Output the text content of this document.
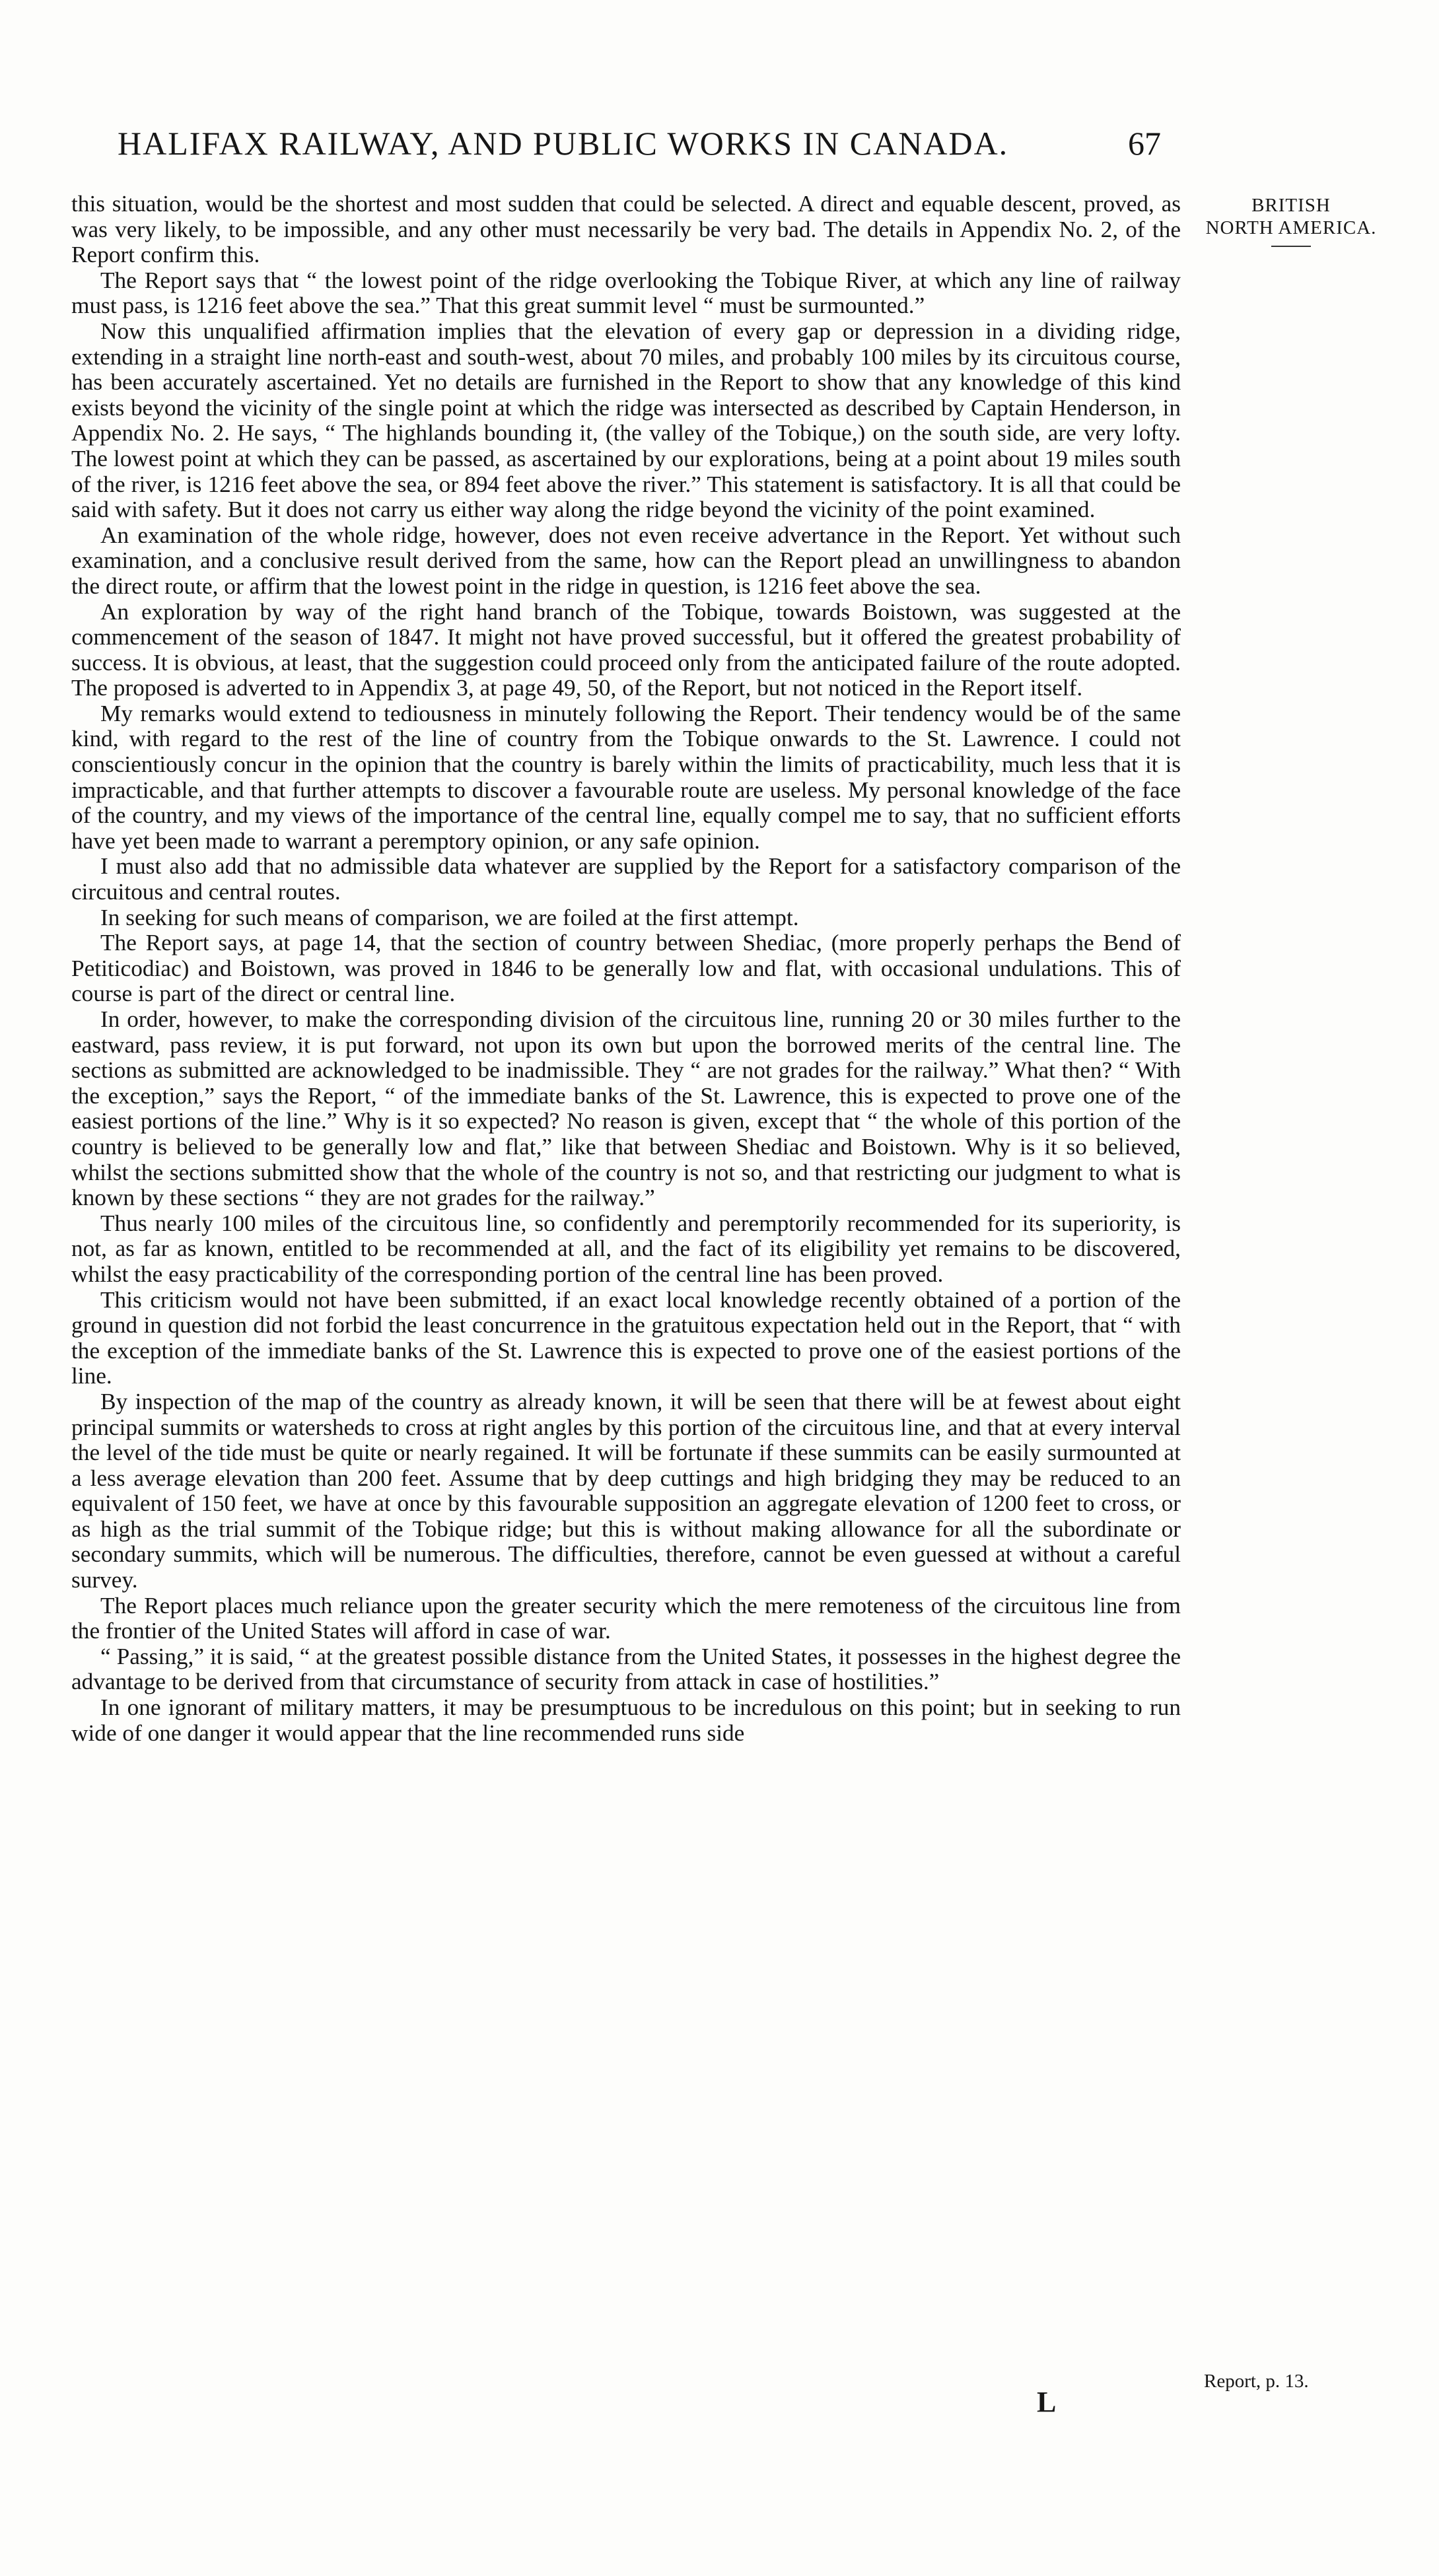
HALIFAX RAILWAY, AND PUBLIC WORKS IN CANADA.	67
BRITISH
NORTH AMERICA.

this situation, would be the shortest and most sudden that could be selected. A direct and equable descent, proved, as was very likely, to be impossible, and any other must necessarily be very bad. The details in Appendix No. 2, of the Report confirm this.

The Report says that “ the lowest point of the ridge overlooking the Tobique River, at which any line of railway must pass, is 1216 feet above the sea.” That this great summit level “ must be surmounted.”

Now this unqualified affirmation implies that the elevation of every gap or depression in a dividing ridge, extending in a straight line north-east and south-west, about 70 miles, and probably 100 miles by its circuitous course, has been accurately ascertained. Yet no details are furnished in the Report to show that any knowledge of this kind exists beyond the vicinity of the single point at which the ridge was intersected as described by Captain Henderson, in Appendix No. 2. He says, “ The highlands bounding it, (the valley of the Tobique,) on the south side, are very lofty. The lowest point at which they can be passed, as ascertained by our explorations, being at a point about 19 miles south of the river, is 1216 feet above the sea, or 894 feet above the river.” This statement is satisfactory. It is all that could be said with safety. But it does not carry us either way along the ridge beyond the vicinity of the point examined.

An examination of the whole ridge, however, does not even receive advertance in the Report. Yet without such examination, and a conclusive result derived from the same, how can the Report plead an unwillingness to abandon the direct route, or affirm that the lowest point in the ridge in question, is 1216 feet above the sea.

An exploration by way of the right hand branch of the Tobique, towards Boistown, was suggested at the commencement of the season of 1847. It might not have proved successful, but it offered the greatest probability of success. It is obvious, at least, that the suggestion could proceed only from the anticipated failure of the route adopted. The proposed is adverted to in Appendix 3, at page 49, 50, of the Report, but not noticed in the Report itself.

My remarks would extend to tediousness in minutely following the Report. Their tendency would be of the same kind, with regard to the rest of the line of country from the Tobique onwards to the St. Lawrence. I could not conscientiously concur in the opinion that the country is barely within the limits of practicability, much less that it is impracticable, and that further attempts to discover a favourable route are useless. My personal knowledge of the face of the country, and my views of the importance of the central line, equally compel me to say, that no sufficient efforts have yet been made to warrant a peremptory opinion, or any safe opinion.

I must also add that no admissible data whatever are supplied by the Report for a satisfactory comparison of the circuitous and central routes.

In seeking for such means of comparison, we are foiled at the first attempt.

The Report says, at page 14, that the section of country between Shediac, (more properly perhaps the Bend of Petiticodiac) and Boistown, was proved in 1846 to be generally low and flat, with occasional undulations. This of course is part of the direct or central line.

In order, however, to make the corresponding division of the circuitous line, running 20 or 30 miles further to the eastward, pass review, it is put forward, not upon its own but upon the borrowed merits of the central line. The sections as submitted are acknowledged to be inadmissible. They “ are not grades for the railway.” What then? “ With the exception,” says the Report, “ of the immediate banks of the St. Lawrence, this is expected to prove one of the easiest portions of the line.” Why is it so expected? No reason is given, except that “ the whole of this portion of the country is believed to be generally low and flat,” like that between Shediac and Boistown. Why is it so believed, whilst the sections submitted show that the whole of the country is not so, and that restricting our judgment to what is known by these sections “ they are not grades for the railway.”

Thus nearly 100 miles of the circuitous line, so confidently and peremptorily recommended for its superiority, is not, as far as known, entitled to be recommended at all, and the fact of its eligibility yet remains to be discovered, whilst the easy practicability of the corresponding portion of the central line has been proved.

This criticism would not have been submitted, if an exact local knowledge recently obtained of a portion of the ground in question did not forbid the least concurrence in the gratuitous expectation held out in the Report, that “ with the exception of the immediate banks of the St. Lawrence this is expected to prove one of the easiest portions of the line.

By inspection of the map of the country as already known, it will be seen that there will be at fewest about eight principal summits or watersheds to cross at right angles by this portion of the circuitous line, and that at every interval the level of the tide must be quite or nearly regained. It will be fortunate if these summits can be easily surmounted at a less average elevation than 200 feet. Assume that by deep cuttings and high bridging they may be reduced to an equivalent of 150 feet, we have at once by this favourable supposition an aggregate elevation of 1200 feet to cross, or as high as the trial summit of the Tobique ridge; but this is without making allowance for all the subordinate or secondary summits, which will be numerous. The difficulties, therefore, cannot be even guessed at without a careful survey.

The Report places much reliance upon the greater security which the mere remoteness of the circuitous line from the frontier of the United States will afford in case of war.

“ Passing,” it is said, “ at the greatest possible distance from the United States, it possesses in the highest degree the advantage to be derived from that circumstance of security from attack in case of hostilities.”

In one ignorant of military matters, it may be presumptuous to be incredulous on this point; but in seeking to run wide of one danger it would appear that the line recommended runs side

Report, p. 13.
L
